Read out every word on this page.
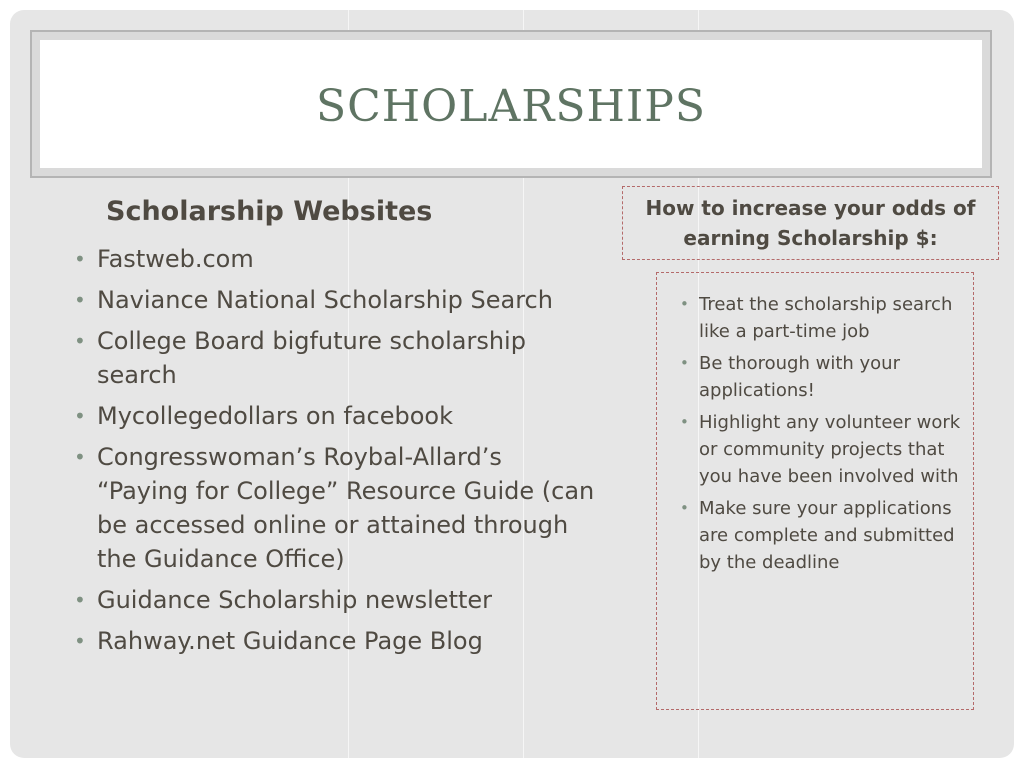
SCHOLARSHIPS
Scholarship Websites
• Fastweb.com
• Naviance National Scholarship Search
• College Board bigfuture scholarship search
• Mycollegedollars on facebook
• Congresswoman’s Roybal-Allard’s “Paying for College” Resource Guide (can be accessed online or attained through the Guidance Office)
• Guidance Scholarship newsletter
• Rahway.net Guidance Page Blog
How to increase your odds of earning Scholarship $:
• Treat the scholarship search like a part-time job
• Be thorough with your applications!
• Highlight any volunteer work or community projects that you have been involved with
• Make sure your applications are complete and submitted by the deadline
